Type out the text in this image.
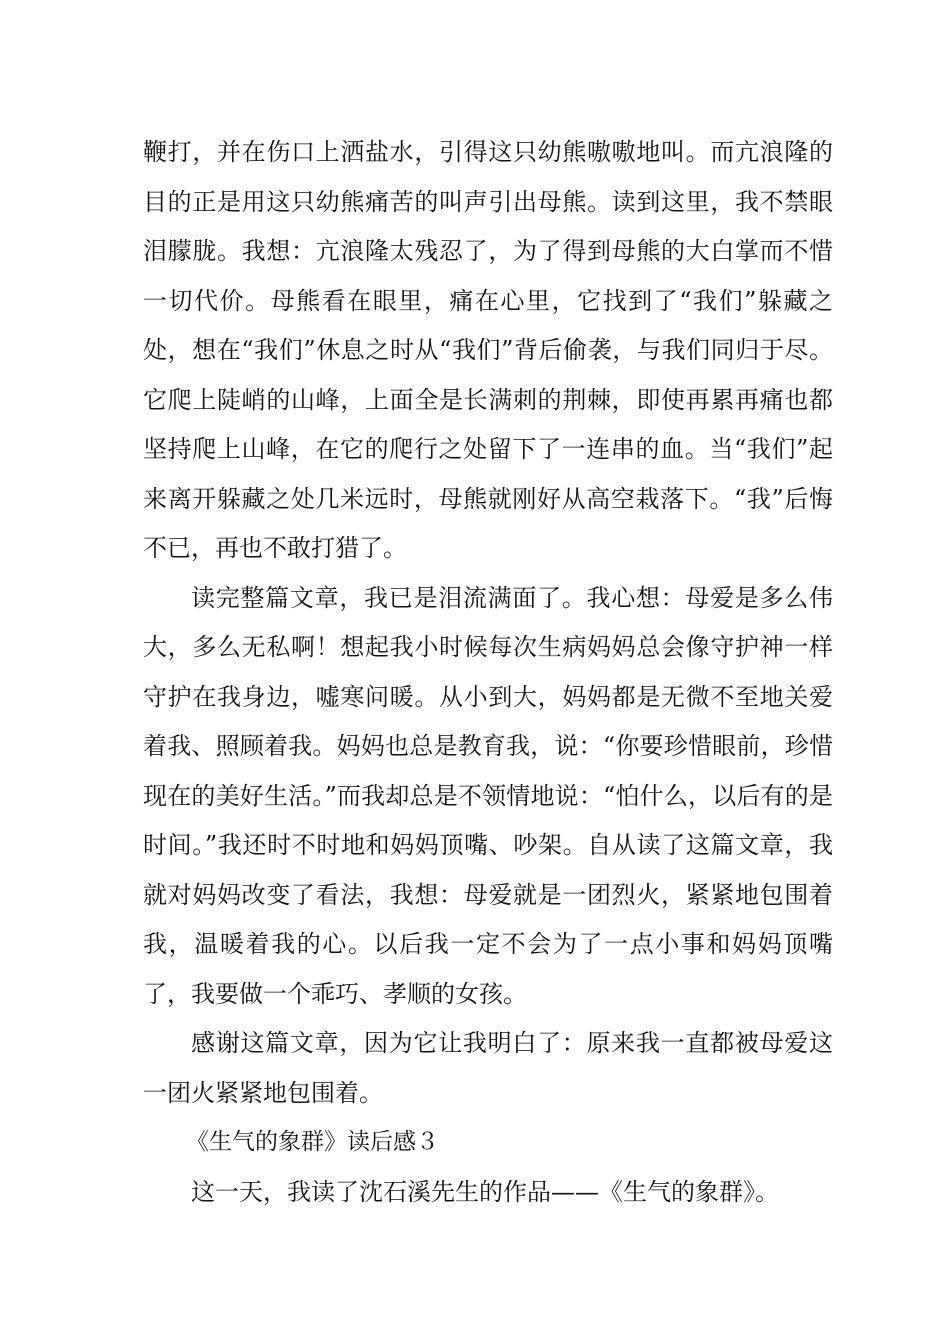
鞭打，并在伤口上洒盐水，引得这只幼熊嗷嗷地叫。而亢浪隆的目的正是用这只幼熊痛苦的叫声引出母熊。读到这里，我不禁眼泪朦胧。我想：亢浪隆太残忍了，为了得到母熊的大白掌而不惜一切代价。母熊看在眼里，痛在心里，它找到了“我们”躲藏之处，想在“我们”休息之时从“我们”背后偷袭，与我们同归于尽。它爬上陡峭的山峰，上面全是长满刺的荆棘，即使再累再痛也都坚持爬上山峰，在它的爬行之处留下了一连串的血。当“我们”起来离开躲藏之处几米远时，母熊就刚好从高空栽落下。“我”后悔不已，再也不敢打猎了。

读完整篇文章，我已是泪流满面了。我心想：母爱是多么伟大，多么无私啊！想起我小时候每次生病妈妈总会像守护神一样守护在我身边，嘘寒问暖。从小到大，妈妈都是无微不至地关爱着我、照顾着我。妈妈也总是教育我，说：“你要珍惜眼前，珍惜现在的美好生活。”而我却总是不领情地说：“怕什么，以后有的是时间。”我还时不时地和妈妈顶嘴、吵架。自从读了这篇文章，我就对妈妈改变了看法，我想：母爱就是一团烈火，紧紧地包围着我，温暖着我的心。以后我一定不会为了一点小事和妈妈顶嘴了，我要做一个乖巧、孝顺的女孩。

感谢这篇文章，因为它让我明白了：原来我一直都被母爱这一团火紧紧地包围着。

《生气的象群》读后感３

这一天，我读了沈石溪先生的作品——《生气的象群》。
